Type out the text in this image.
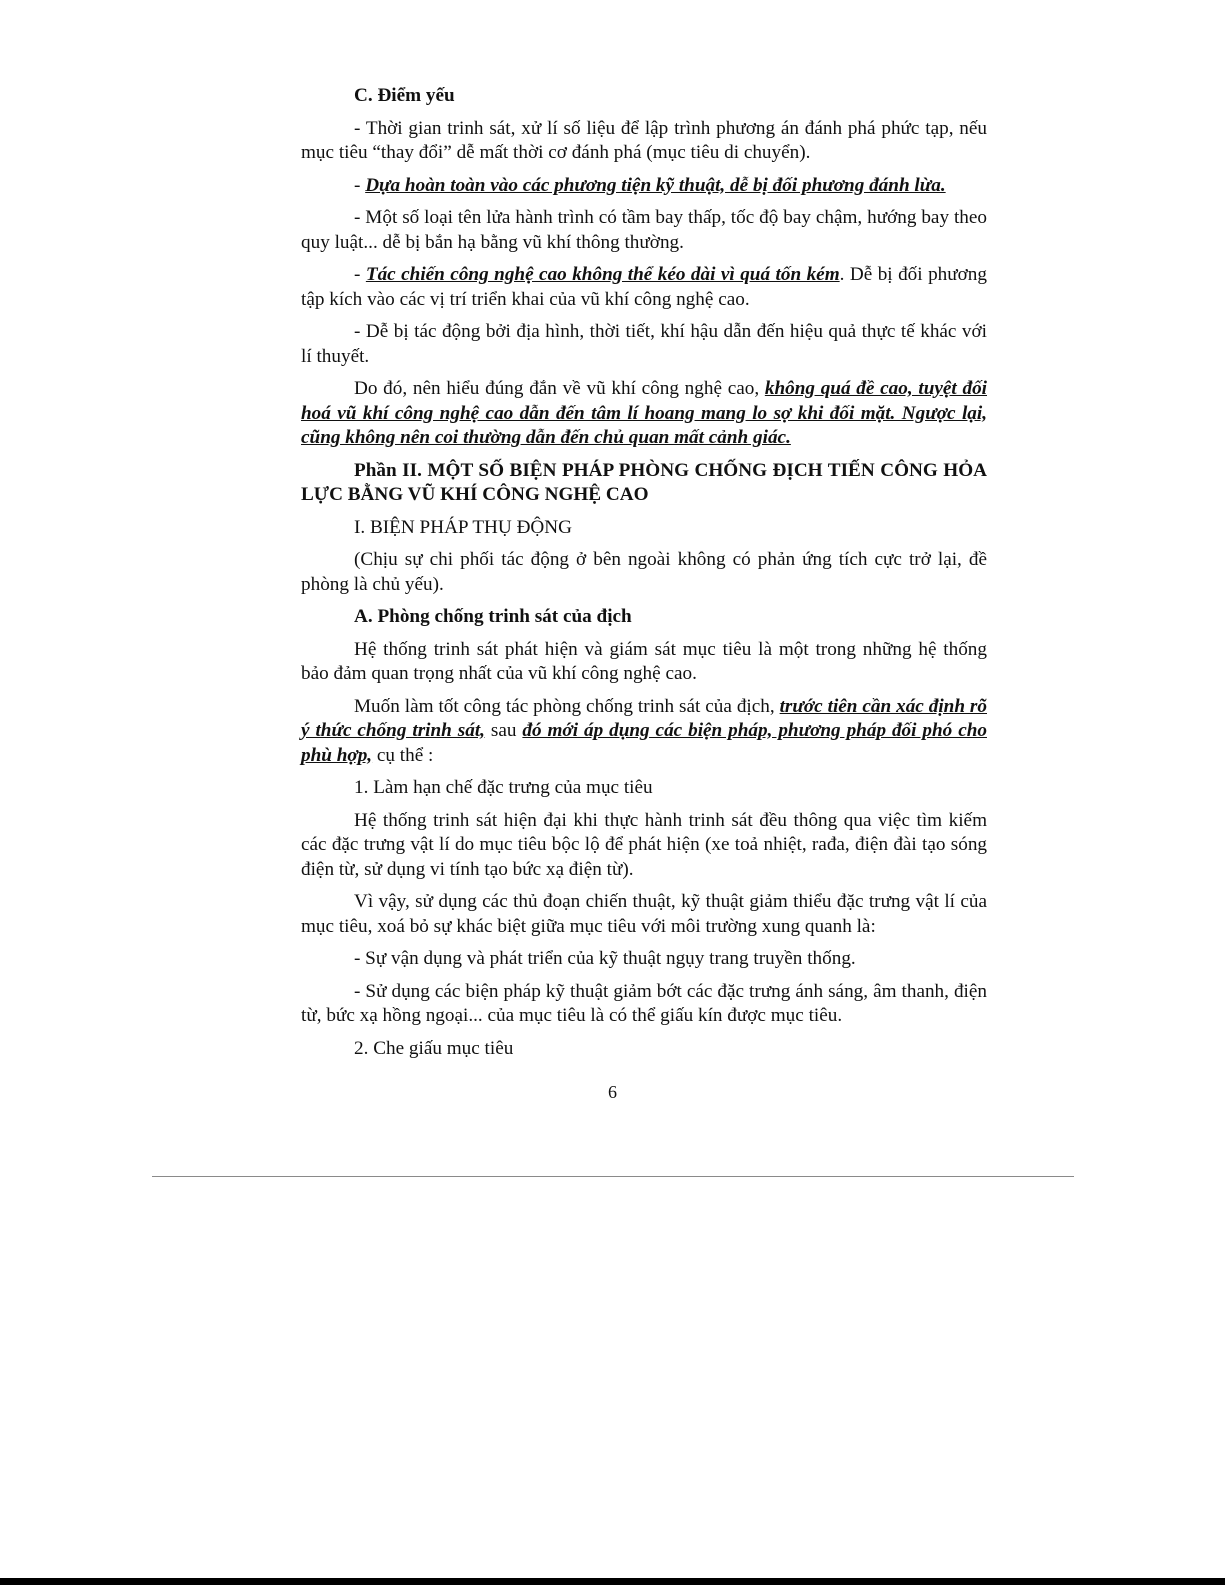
C. Điểm yếu

- Thời gian trinh sát, xử lí số liệu để lập trình phương án đánh phá phức tạp, nếu mục tiêu “thay đổi” dễ mất thời cơ đánh phá (mục tiêu di chuyển).

- Dựa hoàn toàn vào các phương tiện kỹ thuật, dễ bị đối phương đánh lừa.

- Một số loại tên lửa hành trình có tầm bay thấp, tốc độ bay chậm, hướng bay theo quy luật... dễ bị bắn hạ bằng vũ khí thông thường.

- Tác chiến công nghệ cao không thể kéo dài vì quá tốn kém. Dễ bị đối phương tập kích vào các vị trí triển khai của vũ khí công nghệ cao.

- Dễ bị tác động bởi địa hình, thời tiết, khí hậu dẫn đến hiệu quả thực tế khác với lí thuyết.

Do đó, nên hiểu đúng đắn về vũ khí công nghệ cao, không quá đề cao, tuyệt đối hoá vũ khí công nghệ cao dẫn đến tâm lí hoang mang lo sợ khi đối mặt. Ngược lại, cũng không nên coi thường dẫn đến chủ quan mất cảnh giác.

Phần II. MỘT SỐ BIỆN PHÁP PHÒNG CHỐNG ĐỊCH TIẾN CÔNG HỎA LỰC BẰNG VŨ KHÍ CÔNG NGHỆ CAO

I. BIỆN PHÁP THỤ ĐỘNG

(Chịu sự chi phối tác động ở bên ngoài không có phản ứng tích cực trở lại, đề phòng là chủ yếu).

A. Phòng chống trinh sát của địch

Hệ thống trinh sát phát hiện và giám sát mục tiêu là một trong những hệ thống bảo đảm quan trọng nhất của vũ khí công nghệ cao.

Muốn làm tốt công tác phòng chống trinh sát của địch, trước tiên cần xác định rõ ý thức chống trinh sát, sau đó mới áp dụng các biện pháp, phương pháp đối phó cho phù hợp, cụ thể :

1. Làm hạn chế đặc trưng của mục tiêu

Hệ thống trinh sát hiện đại khi thực hành trinh sát đều thông qua việc tìm kiếm các đặc trưng vật lí do mục tiêu bộc lộ để phát hiện (xe toả nhiệt, rađa, điện đài tạo sóng điện từ, sử dụng vi tính tạo bức xạ điện từ).

Vì vậy, sử dụng các thủ đoạn chiến thuật, kỹ thuật giảm thiểu đặc trưng vật lí của mục tiêu, xoá bỏ sự khác biệt giữa mục tiêu với môi trường xung quanh là:

- Sự vận dụng và phát triển của kỹ thuật ngụy trang truyền thống.

- Sử dụng các biện pháp kỹ thuật giảm bớt các đặc trưng ánh sáng, âm thanh, điện từ, bức xạ hồng ngoại... của mục tiêu là có thể giấu kín được mục tiêu.

2. Che giấu mục tiêu

6
